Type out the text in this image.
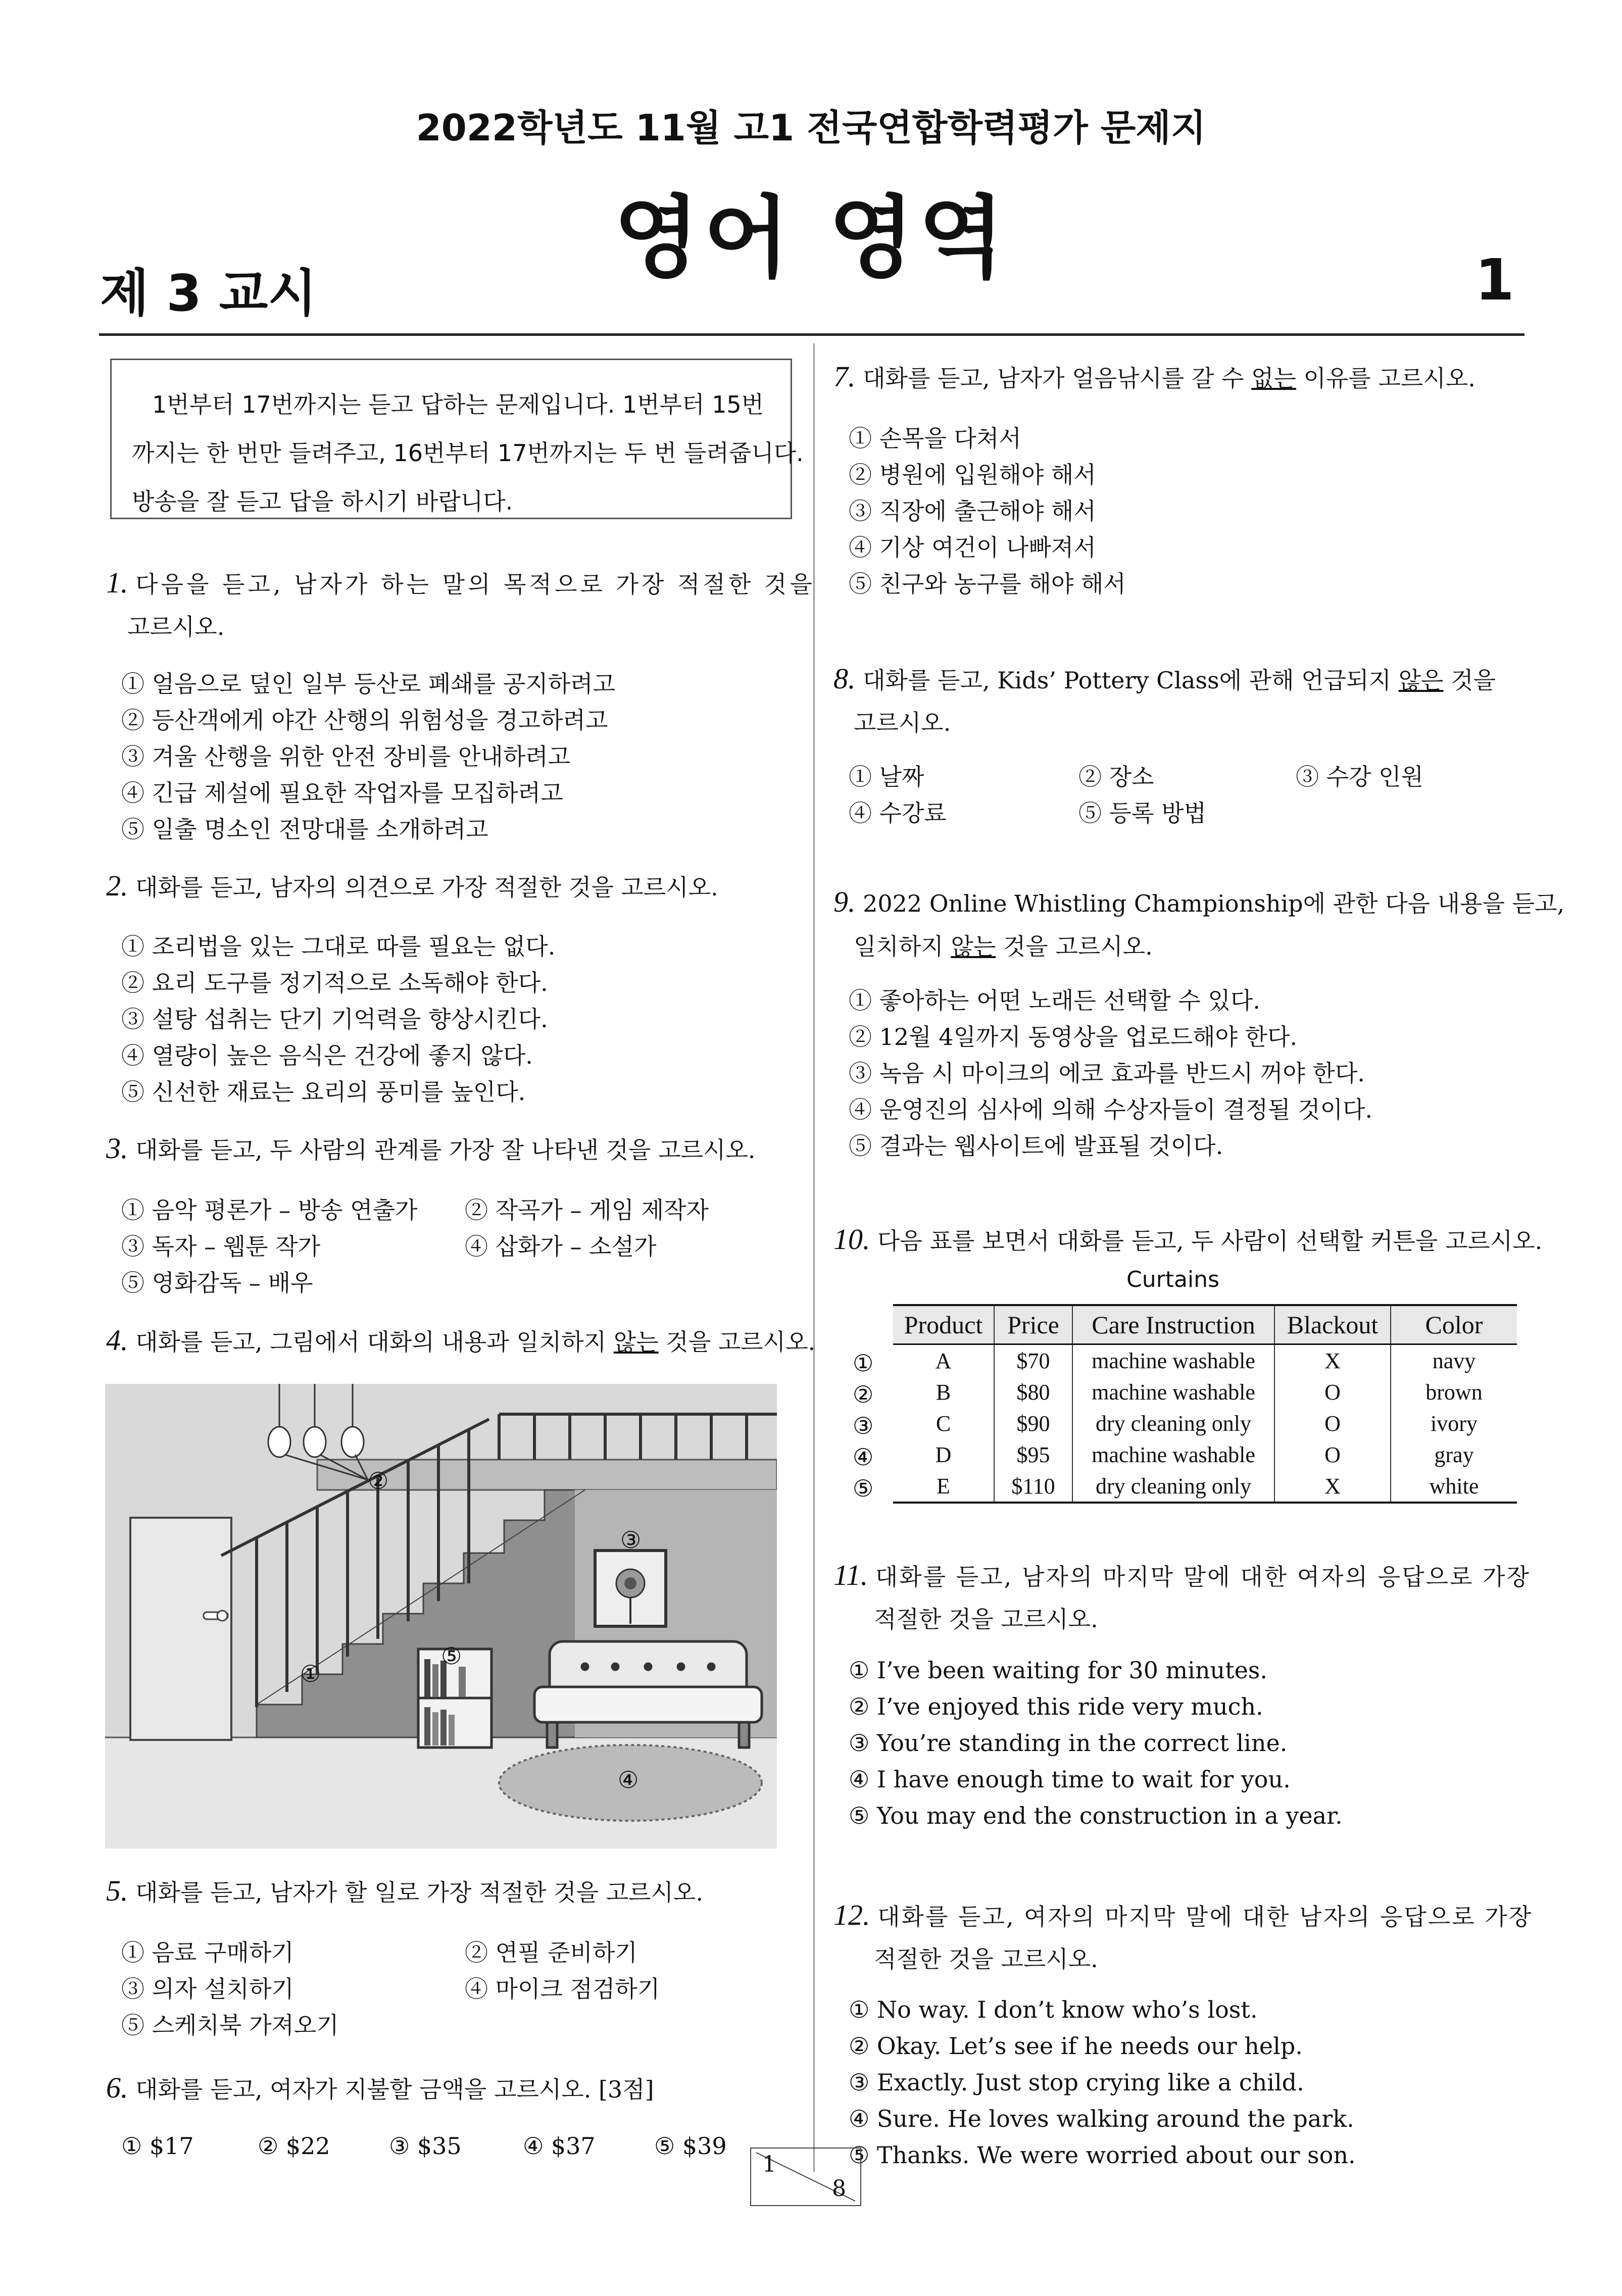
2022학년도 11월 고1 전국연합학력평가 문제지
영어 영역
제 3 교시	1
1번부터 17번까지는 듣고 답하는 문제입니다. 1번부터 15번
까지는 한 번만 들려주고, 16번부터 17번까지는 두 번 들려줍니다.
방송을 잘 듣고 답을 하시기 바랍니다.
1. 다음을 듣고, 남자가 하는 말의 목적으로 가장 적절한 것을
고르시오.
① 얼음으로 덮인 일부 등산로 폐쇄를 공지하려고
② 등산객에게 야간 산행의 위험성을 경고하려고
③ 겨울 산행을 위한 안전 장비를 안내하려고
④ 긴급 제설에 필요한 작업자를 모집하려고
⑤ 일출 명소인 전망대를 소개하려고
2. 대화를 듣고, 남자의 의견으로 가장 적절한 것을 고르시오.
① 조리법을 있는 그대로 따를 필요는 없다.
② 요리 도구를 정기적으로 소독해야 한다.
③ 설탕 섭취는 단기 기억력을 향상시킨다.
④ 열량이 높은 음식은 건강에 좋지 않다.
⑤ 신선한 재료는 요리의 풍미를 높인다.
3. 대화를 듣고, 두 사람의 관계를 가장 잘 나타낸 것을 고르시오.
① 음악 평론가 – 방송 연출가 ② 작곡가 – 게임 제작자
③ 독자 – 웹툰 작가	④ 삽화가 – 소설가
⑤ 영화감독 – 배우
4. 대화를 듣고, 그림에서 대화의 내용과 일치하지 않는 것을 고르시오.
①
②
③
④
⑤
5. 대화를 듣고, 남자가 할 일로 가장 적절한 것을 고르시오.
① 음료 구매하기	② 연필 준비하기
③ 의자 설치하기	④ 마이크 점검하기
⑤ 스케치북 가져오기
6. 대화를 듣고, 여자가 지불할 금액을 고르시오. [3점]
① $17	② $22	③ $35	④ $37	⑤ $39
7. 대화를 듣고, 남자가 얼음낚시를 갈 수 없는 이유를 고르시오.
① 손목을 다쳐서
② 병원에 입원해야 해서
③ 직장에 출근해야 해서
④ 기상 여건이 나빠져서
⑤ 친구와 농구를 해야 해서
8. 대화를 듣고, Kids’ Pottery Class에 관해 언급되지 않은 것을
고르시오.
① 날짜	② 장소	③ 수강 인원
④ 수강료	⑤ 등록 방법
9. 2022 Online Whistling Championship에 관한 다음 내용을 듣고,
일치하지 않는 것을 고르시오.
① 좋아하는 어떤 노래든 선택할 수 있다.
② 12월 4일까지 동영상을 업로드해야 한다.
③ 녹음 시 마이크의 에코 효과를 반드시 꺼야 한다.
④ 운영진의 심사에 의해 수상자들이 결정될 것이다.
⑤ 결과는 웹사이트에 발표될 것이다.
10. 다음 표를 보면서 대화를 듣고, 두 사람이 선택할 커튼을 고르시오.
Curtains
①
②
③
④
⑤
Product	Price	Care Instruction	Blackout	Color
A	$70	machine washable	X	navy
B	$80	machine washable	O	brown
C	$90	dry cleaning only	O	ivory
D	$95	machine washable	O	gray
E	$110	dry cleaning only	X	white
11. 대화를 듣고, 남자의 마지막 말에 대한 여자의 응답으로 가장
적절한 것을 고르시오.
① I’ve been waiting for 30 minutes.
② I’ve enjoyed this ride very much.
③ You’re standing in the correct line.
④ I have enough time to wait for you.
⑤ You may end the construction in a year.
12. 대화를 듣고, 여자의 마지막 말에 대한 남자의 응답으로 가장
적절한 것을 고르시오.
① No way. I don’t know who’s lost.
② Okay. Let’s see if he needs our help.
③ Exactly. Just stop crying like a child.
④ Sure. He loves walking around the park.
⑤ Thanks. We were worried about our son.
1
8
